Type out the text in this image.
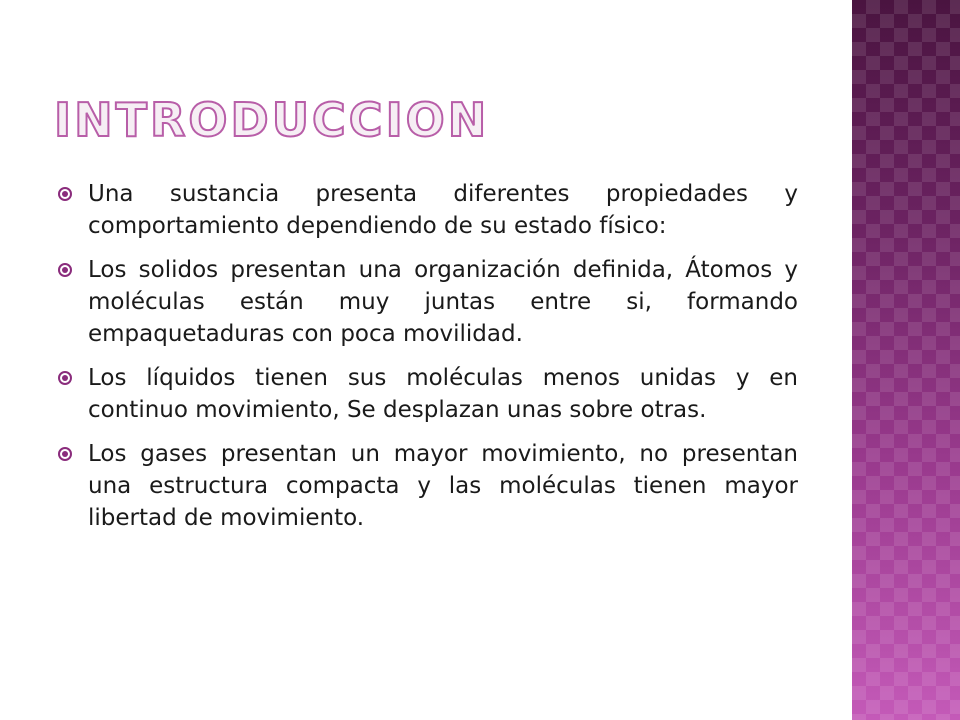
INTRODUCCION
Una sustancia presenta diferentes propiedades y comportamiento dependiendo de su estado físico:
Los solidos presentan una organización definida, Átomos y moléculas están muy juntas entre si, formando empaquetaduras con poca movilidad.
Los líquidos tienen sus moléculas menos unidas y en continuo movimiento, Se desplazan unas sobre otras.
Los gases presentan un mayor movimiento, no presentan una estructura compacta y las moléculas tienen mayor libertad de movimiento.
